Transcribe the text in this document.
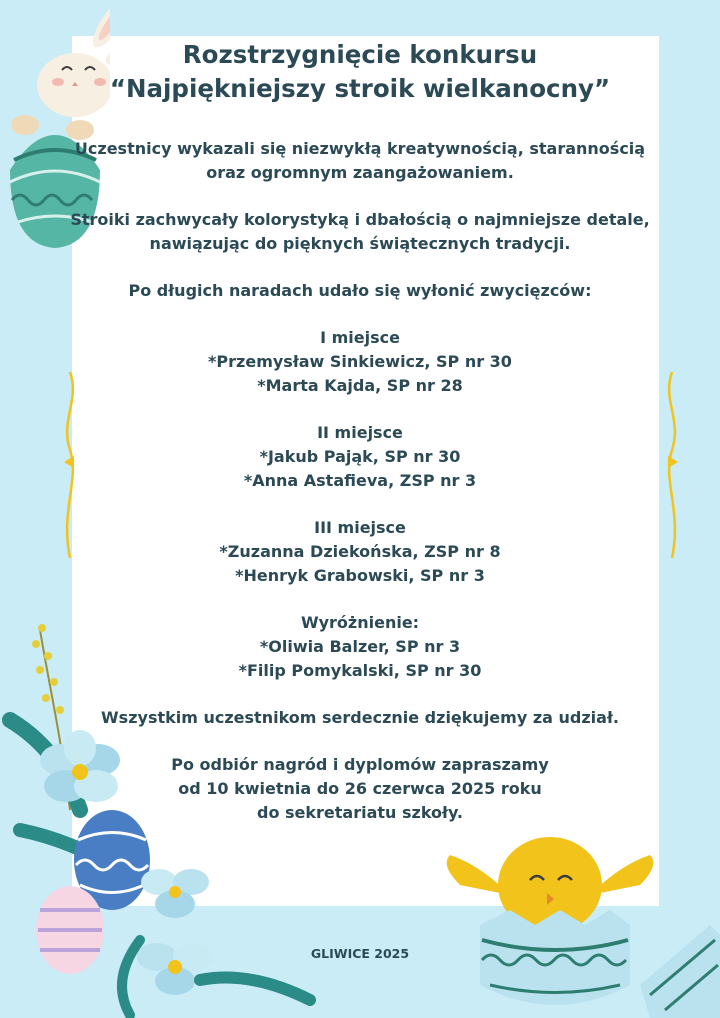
Rozstrzygnięcie konkursu
“Najpiękniejszy stroik wielkanocny”

Uczestnicy wykazali się niezwykłą kreatywnością, starannością

oraz ogromnym zaangażowaniem.

Stroiki zachwycały kolorystyką i dbałością o najmniejsze detale,

nawiązując do pięknych świątecznych tradycji.

Po długich naradach udało się wyłonić zwycięzców:

I miejsce

*Przemysław Sinkiewicz, SP nr 30

*Marta Kajda, SP nr 28

II miejsce

*Jakub Pająk, SP nr 30

*Anna Astafieva, ZSP nr 3

III miejsce

*Zuzanna Dziekońska, ZSP nr 8

*Henryk Grabowski, SP nr 3

Wyróżnienie:

*Oliwia Balzer, SP nr 3

*Filip Pomykalski, SP nr 30

Wszystkim uczestnikom serdecznie dziękujemy za udział.

Po odbiór nagród i dyplomów zapraszamy

od 10 kwietnia do 26 czerwca 2025 roku

do sekretariatu szkoły.

GLIWICE 2025
